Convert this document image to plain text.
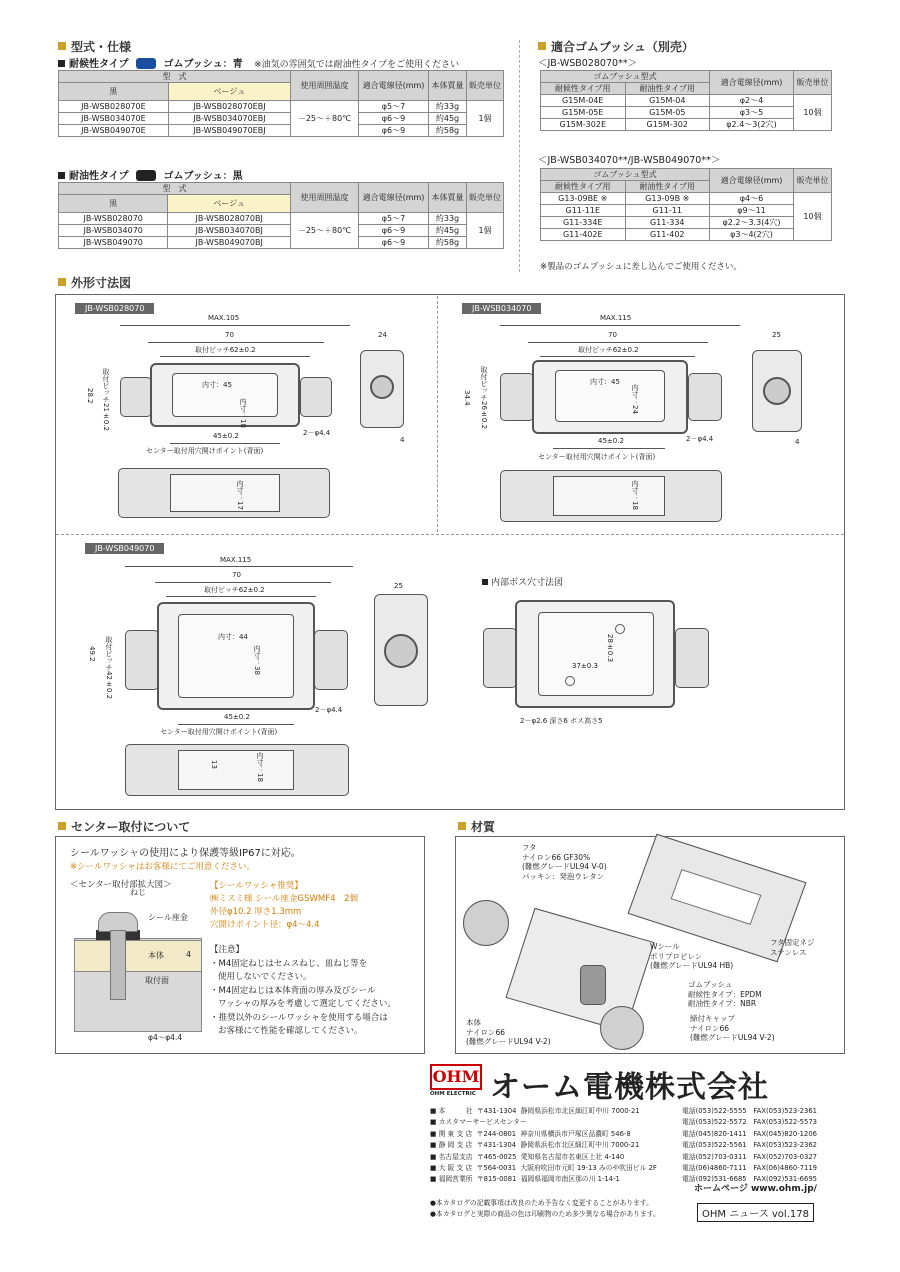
型式・仕様
耐候性タイプ	ゴムブッシュ：青 ※油気の雰囲気では耐油性タイプをご使用ください
型　式		使用周囲温度	適合電線径(mm)	本体質量	販売単位
黒	ベージュ				
JB-WSB028070E	JB-WSB028070EBJ	－25～＋80℃	φ5～7	約33g	1個
JB-WSB034070E	JB-WSB034070EBJ		φ6～9	約45g	
JB-WSB049070E	JB-WSB049070EBJ		φ6～9	約58g	
耐油性タイプ	ゴムブッシュ：黒
型　式		使用周囲温度	適合電線径(mm)	本体質量	販売単位
黒	ベージュ				
JB-WSB028070	JB-WSB028070BJ	－25～＋80℃	φ5～7	約33g	1個
JB-WSB034070	JB-WSB034070BJ		φ6～9	約45g	
JB-WSB049070	JB-WSB049070BJ		φ6～9	約58g	
適合ゴムブッシュ（別売）
＜JB-WSB028070**＞
ゴムブッシュ型式		適合電線径(mm)	販売単位
耐候性タイプ用	耐油性タイプ用		
G15M-04E	G15M-04	φ2～4	10個
G15M-05E	G15M-05	φ3～5	
G15M-302E	G15M-302	φ2.4～3(2穴)	
＜JB-WSB034070**/JB-WSB049070**＞
ゴムブッシュ型式		適合電線径(mm)	販売単位
耐候性タイプ用	耐油性タイプ用		
G13-09BE ※	G13-09B ※	φ4～6	10個
G11-11E	G11-11	φ9～11	
G11-334E	G11-334	φ2.2～3.3(4穴)	
G11-402E	G11-402	φ3～4(2穴)	
※製品のゴムブッシュに差し込んでご使用ください。
外形寸法図
JB-WSB028070
MAX.105
70
取付ピッチ62±0.2
内寸：45
内寸：18
28.2 取付ピッチ21±0.2
45±0.2	2－φ4.4
センター取付用穴開けポイント(背面)
24
4
内寸：17
JB-WSB034070
MAX.115
70
取付ピッチ62±0.2
内寸：45
内寸：24
34.4 取付ピッチ26±0.2
45±0.2	2－φ4.4
センター取付用穴開けポイント(背面)
25
4
内寸：18
JB-WSB049070
MAX.115
70
取付ピッチ62±0.2
内寸：44
内寸：38
49.2 取付ピッチ42±0.2
45±0.2
2－φ4.4
センター取付用穴開けポイント(背面)
25
13	内寸：18
内部ボス穴寸法図
28±0.3
37±0.3
2－φ2.6 深さ6 ボス高さ5
センター取付について
シールワッシャの使用により保護等級IP67に対応。
※シールワッシャはお客様にてご用意ください。
＜センター取付部拡大図＞
ねじ
シール座金
本体
取付面
4
φ4～φ4.4
【シールワッシャ推奨】
㈱ミスミ様 シール座金GSWMF4　2個
外径φ10.2 厚さ1.3mm
穴開けポイント径：φ4～4.4
【注意】
・M4固定ねじはセムスねじ、皿ねじ等を
使用しないでください。
・M4固定ねじは本体背面の厚み及びシール
ワッシャの厚みを考慮して選定してください。
・推奨以外のシールワッシャを使用する場合は
お客様にて性能を確認してください。
材質
フタ
ナイロン66 GF30%
(難燃グレードUL94 V-0)
パッキン：発泡ウレタン
フタ固定ネジ
ステンレス
Wシール
ポリプロピレン
(難燃グレードUL94 HB)
ゴムブッシュ
耐候性タイプ：EPDM
耐油性タイプ：NBR
締付キャップ
ナイロン66
(難燃グレードUL94 V-2)
本体
ナイロン66
(難燃グレードUL94 V-2)
OHM
OHM ELECTRIC オーム電機株式会社
■ 本　　　社  〒431-1304  静岡県浜松市北区細江町中川 7000-21
■ カスタマーサービスセンター
■ 関 東 支 店  〒244-0801  神奈川県横浜市戸塚区品濃町 546-8
■ 静 岡 支 店  〒431-1304  静岡県浜松市北区細江町中川 7000-21
■ 名古屋支店  〒465-0025  愛知県名古屋市名東区上社 4-140
■ 大 阪 支 店  〒564-0031  大阪府吹田市元町 19-13 みのや吹田ビル 2F
■ 福岡営業所  〒815-0081  福岡県福岡市南区那の川 1-14-1
電話(053)522-5555　FAX(053)523-2361
電話(053)522-5572　FAX(053)522-5573
電話(045)820-1411　FAX(045)820-1206
電話(053)522-5561　FAX(053)523-2362
電話(052)703-0311　FAX(052)703-0327
電話(06)4860-7111　FAX(06)4860-7119
電話(092)531-6685　FAX(092)531-6695
ホームページ www.ohm.jp/
●本カタログの記載事項は改良のため予告なく変更することがあります。
●本カタログと実際の商品の色は印刷物のため多少異なる場合があります。	OHM ニュース vol.178
